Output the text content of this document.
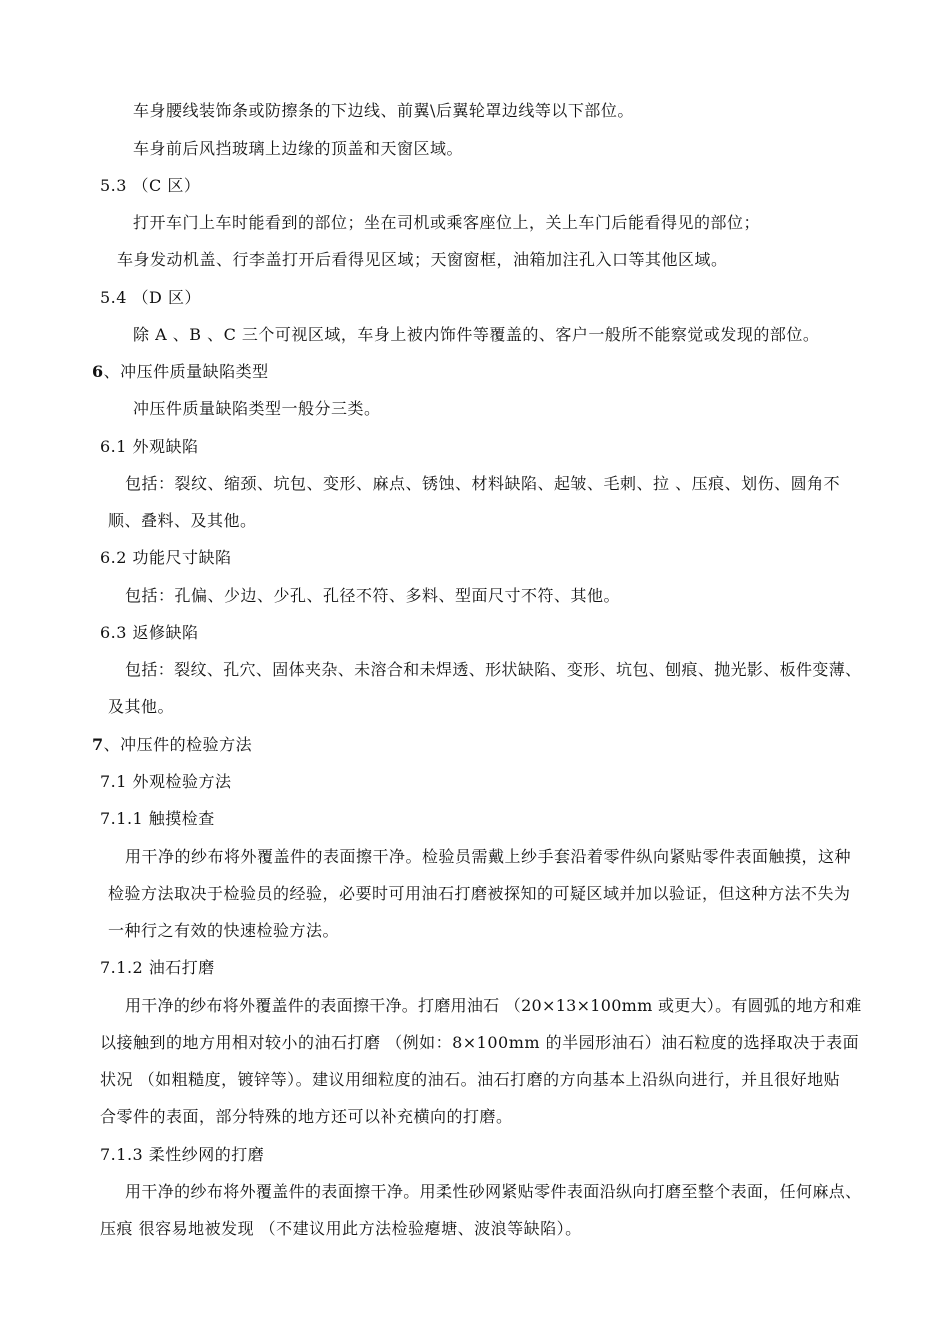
车身腰线装饰条或防擦条的下边线、前翼\后翼轮罩边线等以下部位。
车身前后风挡玻璃上边缘的顶盖和天窗区域。
5.3 （C 区）
打开车门上车时能看到的部位；坐在司机或乘客座位上，关上车门后能看得见的部位；
车身发动机盖、行李盖打开后看得见区域；天窗窗框，油箱加注孔入口等其他区域。
5.4 （D 区）
除 A 、B 、C 三个可视区域，车身上被内饰件等覆盖的、客户一般所不能察觉或发现的部位。
6、冲压件质量缺陷类型
冲压件质量缺陷类型一般分三类。
6.1 外观缺陷
包括：裂纹、缩颈、坑包、变形、麻点、锈蚀、材料缺陷、起皱、毛刺、拉 、压痕、划伤、圆角不
顺、叠料、及其他。
6.2 功能尺寸缺陷
包括：孔偏、少边、少孔、孔径不符、多料、型面尺寸不符、其他。
6.3 返修缺陷
包括：裂纹、孔穴、固体夹杂、未溶合和未焊透、形状缺陷、变形、坑包、刨痕、抛光影、板件变薄、
及其他。
7、冲压件的检验方法
7.1 外观检验方法
7.1.1 触摸检查
用干净的纱布将外覆盖件的表面擦干净。检验员需戴上纱手套沿着零件纵向紧贴零件表面触摸，这种
检验方法取决于检验员的经验，必要时可用油石打磨被探知的可疑区域并加以验证，但这种方法不失为
一种行之有效的快速检验方法。
7.1.2 油石打磨
用干净的纱布将外覆盖件的表面擦干净。打磨用油石 （20×13×100mm 或更大）。有圆弧的地方和难
以接触到的地方用相对较小的油石打磨 （例如：8×100mm 的半园形油石）油石粒度的选择取决于表面
状况 （如粗糙度，镀锌等）。建议用细粒度的油石。油石打磨的方向基本上沿纵向进行，并且很好地贴
合零件的表面，部分特殊的地方还可以补充横向的打磨。
7.1.3 柔性纱网的打磨
用干净的纱布将外覆盖件的表面擦干净。用柔性砂网紧贴零件表面沿纵向打磨至整个表面，任何麻点、
压痕 很容易地被发现 （不建议用此方法检验瘪塘、波浪等缺陷）。
